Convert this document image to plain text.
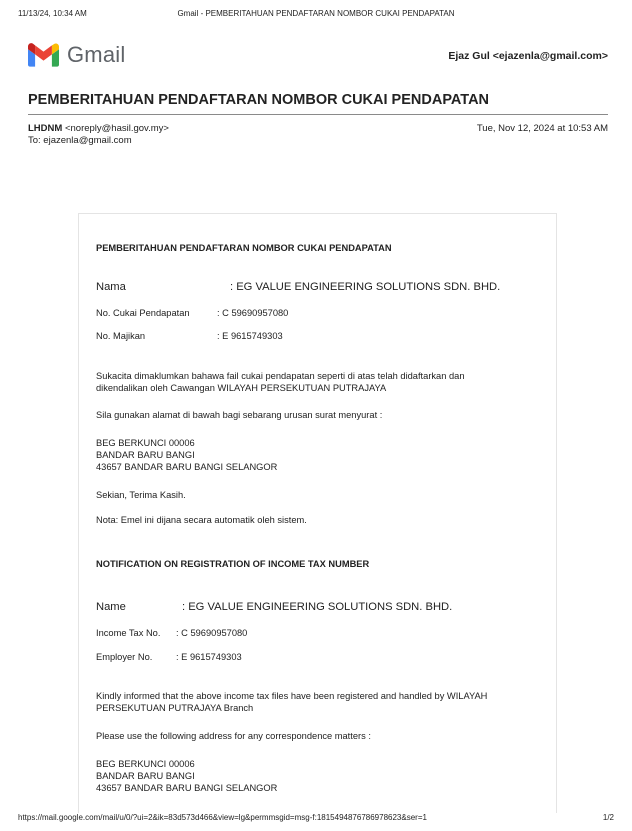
11/13/24, 10:34 AM	Gmail - PEMBERITAHUAN PENDAFTARAN NOMBOR CUKAI PENDAPATAN
Gmail	Ejaz Gul <ejazenla@gmail.com>
PEMBERITAHUAN PENDAFTARAN NOMBOR CUKAI PENDAPATAN
LHDNM <noreply@hasil.gov.my>	Tue, Nov 12, 2024 at 10:53 AM
To: ejazenla@gmail.com
PEMBERITAHUAN PENDAFTARAN NOMBOR CUKAI PENDAPATAN
Nama	: EG VALUE ENGINEERING SOLUTIONS SDN. BHD.
No. Cukai Pendapatan	: C 59690957080
No. Majikan	: E 9615749303
Sukacita dimaklumkan bahawa fail cukai pendapatan seperti di atas telah didaftarkan dan
dikendalikan oleh Cawangan WILAYAH PERSEKUTUAN PUTRAJAYA
Sila gunakan alamat di bawah bagi sebarang urusan surat menyurat :
BEG BERKUNCI 00006
BANDAR BARU BANGI
43657 BANDAR BARU BANGI SELANGOR
Sekian, Terima Kasih.
Nota: Emel ini dijana secara automatik oleh sistem.
NOTIFICATION ON REGISTRATION OF INCOME TAX NUMBER
Name	: EG VALUE ENGINEERING SOLUTIONS SDN. BHD.
Income Tax No. : C 59690957080
Employer No.	: E 9615749303
Kindly informed that the above income tax files have been registered and handled by WILAYAH
PERSEKUTUAN PUTRAJAYA Branch
Please use the following address for any correspondence matters :
BEG BERKUNCI 00006
BANDAR BARU BANGI
43657 BANDAR BARU BANGI SELANGOR
https://mail.google.com/mail/u/0/?ui=2&ik=83d573d466&view=lg&permmsgid=msg-f:1815494876786978623&ser=1	1/2
